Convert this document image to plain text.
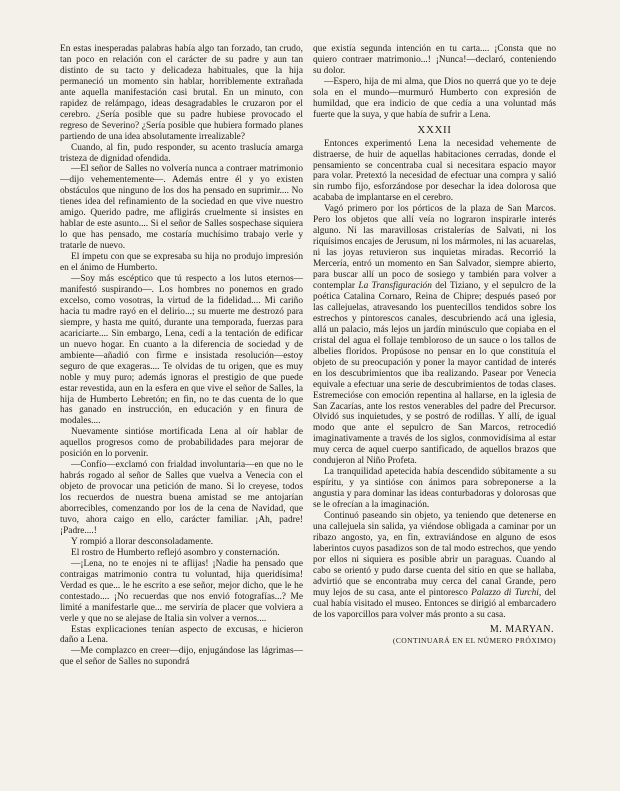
En estas inesperadas palabras había algo tan forzado, tan crudo, tan poco en relación con el carácter de su padre y aun tan distinto de su tacto y delicadeza habituales, que la hija permaneció un momento sin hablar, horriblemente extrañada ante aquella manifestación casi brutal. En un minuto, con rapidez de relámpago, ideas desagradables le cruzaron por el cerebro. ¿Sería posible que su padre hubiese provocado el regreso de Severino? ¿Sería posible que hubiera formado planes partiendo de una idea absolutamente irrealizable?

Cuando, al fin, pudo responder, su acento traslucía amarga tristeza de dignidad ofendida.

—El señor de Salles no volvería nunca a contraer matrimonio—dijo vehementemente—. Además entre él y yo existen obstáculos que ninguno de los dos ha pensado en suprimir.... No tienes idea del refinamiento de la sociedad en que vive nuestro amigo. Querido padre, me afligirás cruelmente si insistes en hablar de este asunto.... Si el señor de Salles sospechase siquiera lo que has pensado, me costaría muchísimo trabajo verle y tratarle de nuevo.

El ímpetu con que se expresaba su hija no produjo impresión en el ánimo de Humberto.

—Soy más escéptico que tú respecto a los lutos eternos—manifestó suspirando—. Los hombres no ponemos en grado excelso, como vosotras, la virtud de la fidelidad.... Mi cariño hacia tu madre rayó en el delirio...; su muerte me destrozó para siempre, y hasta me quitó, durante una temporada, fuerzas para acariciarte.... Sin embargo, Lena, cedí a la tentación de edificar un nuevo hogar. En cuanto a la diferencia de sociedad y de ambiente—añadió con firme e insistada resolución—estoy seguro de que exageras.... Te olvidas de tu origen, que es muy noble y muy puro; además ignoras el prestigio de que puede estar revestida, aun en la esfera en que vive el señor de Salles, la hija de Humberto Lebretón; en fin, no te das cuenta de lo que has ganado en instrucción, en educación y en finura de modales....

Nuevamente sintióse mortificada Lena al oír hablar de aquellos progresos como de probabilidades para mejorar de posición en lo porvenir.

—Confío—exclamó con frialdad involuntaria—en que no le habrás rogado al señor de Salles que vuelva a Venecia con el objeto de provocar una petición de mano. Si lo creyese, todos los recuerdos de nuestra buena amistad se me antojarían aborrecibles, comenzando por los de la cena de Navidad, que tuvo, ahora caigo en ello, carácter familiar. ¡Ah, padre! ¡Padre....!

Y rompió a llorar desconsoladamente.

El rostro de Humberto reflejó asombro y consternación.

—¡Lena, no te enojes ni te aflijas! ¡Nadie ha pensado que contraigas matrimonio contra tu voluntad, hija queridísima! Verdad es que... le he escrito a ese señor, mejor dicho, que le he contestado.... ¡No recuerdas que nos envió fotografías...? Me limité a manifestarle que... me serviría de placer que volviera a verle y que no se alejase de Italia sin volver a vernos....

Estas explicaciones tenían aspecto de excusas, e hicieron daño a Lena.

—Me complazco en creer—dijo, enjugándose las lágrimas—que el señor de Salles no supondrá

que existía segunda intención en tu carta.... ¡Consta que no quiero contraer matrimonio...! ¡Nunca!—declaró, conteniendo su dolor.

—Espero, hija de mi alma, que Dios no querrá que yo te deje sola en el mundo—murmuró Humberto con expresión de humildad, que era indicio de que cedía a una voluntad más fuerte que la suya, y que había de sufrir a Lena.

XXXII

Entonces experimentó Lena la necesidad vehemente de distraerse, de huir de aquellas habitaciones cerradas, donde el pensamiento se concentraba cual si necesitara espacio mayor para volar. Pretextó la necesidad de efectuar una compra y salió sin rumbo fijo, esforzándose por desechar la idea dolorosa que acababa de implantarse en el cerebro.

Vagó primero por los pórticos de la plaza de San Marcos. Pero los objetos que allí veía no lograron inspirarle interés alguno. Ni las maravillosas cristalerías de Salvati, ni los riquísimos encajes de Jerusum, ni los mármoles, ni las acuarelas, ni las joyas retuvieron sus inquietas miradas. Recorrió la Mercería, entró un momento en San Salvador, siempre abierto, para buscar allí un poco de sosiego y también para volver a contemplar La Transfiguración del Tiziano, y el sepulcro de la poética Catalina Cornaro, Reina de Chipre; después paseó por las callejuelas, atravesando los puentecillos tendidos sobre los estrechos y pintorescos canales, descubriendo acá una iglesia, allá un palacio, más lejos un jardín minúsculo que copiaba en el cristal del agua el follaje tembloroso de un sauce o los tallos de albelies floridos. Propúsose no pensar en lo que constituía el objeto de su preocupación y poner la mayor cantidad de interés en los descubrimientos que iba realizando. Pasear por Venecia equivale a efectuar una serie de descubrimientos de todas clases. Estremecióse con emoción repentina al hallarse, en la iglesia de San Zacarías, ante los restos venerables del padre del Precursor. Olvidó sus inquietudes, y se postró de rodillas. Y allí, de igual modo que ante el sepulcro de San Marcos, retrocedió imaginativamente a través de los siglos, conmovidísima al estar muy cerca de aquel cuerpo santificado, de aquellos brazos que condujeron al Niño Profeta.

La tranquilidad apetecida había descendido súbitamente a su espíritu, y ya sintióse con ánimos para sobreponerse a la angustia y para dominar las ideas conturbadoras y dolorosas que se le ofrecían a la imaginación.

Continuó paseando sin objeto, ya teniendo que detenerse en una callejuela sin salida, ya viéndose obligada a caminar por un ribazo angosto, ya, en fin, extraviándose en alguno de esos laberintos cuyos pasadizos son de tal modo estrechos, que yendo por ellos ni siquiera es posible abrir un paraguas. Cuando al cabo se orientó y pudo darse cuenta del sitio en que se hallaba, advirtió que se encontraba muy cerca del canal Grande, pero muy lejos de su casa, ante el pintoresco Palazzo di Turchi, del cual había visitado el museo. Entonces se dirigió al embarcadero de los vaporcillos para volver más pronto a su casa.

M. MARYAN.

(CONTINUARÁ EN EL NÚMERO PRÓXIMO)
